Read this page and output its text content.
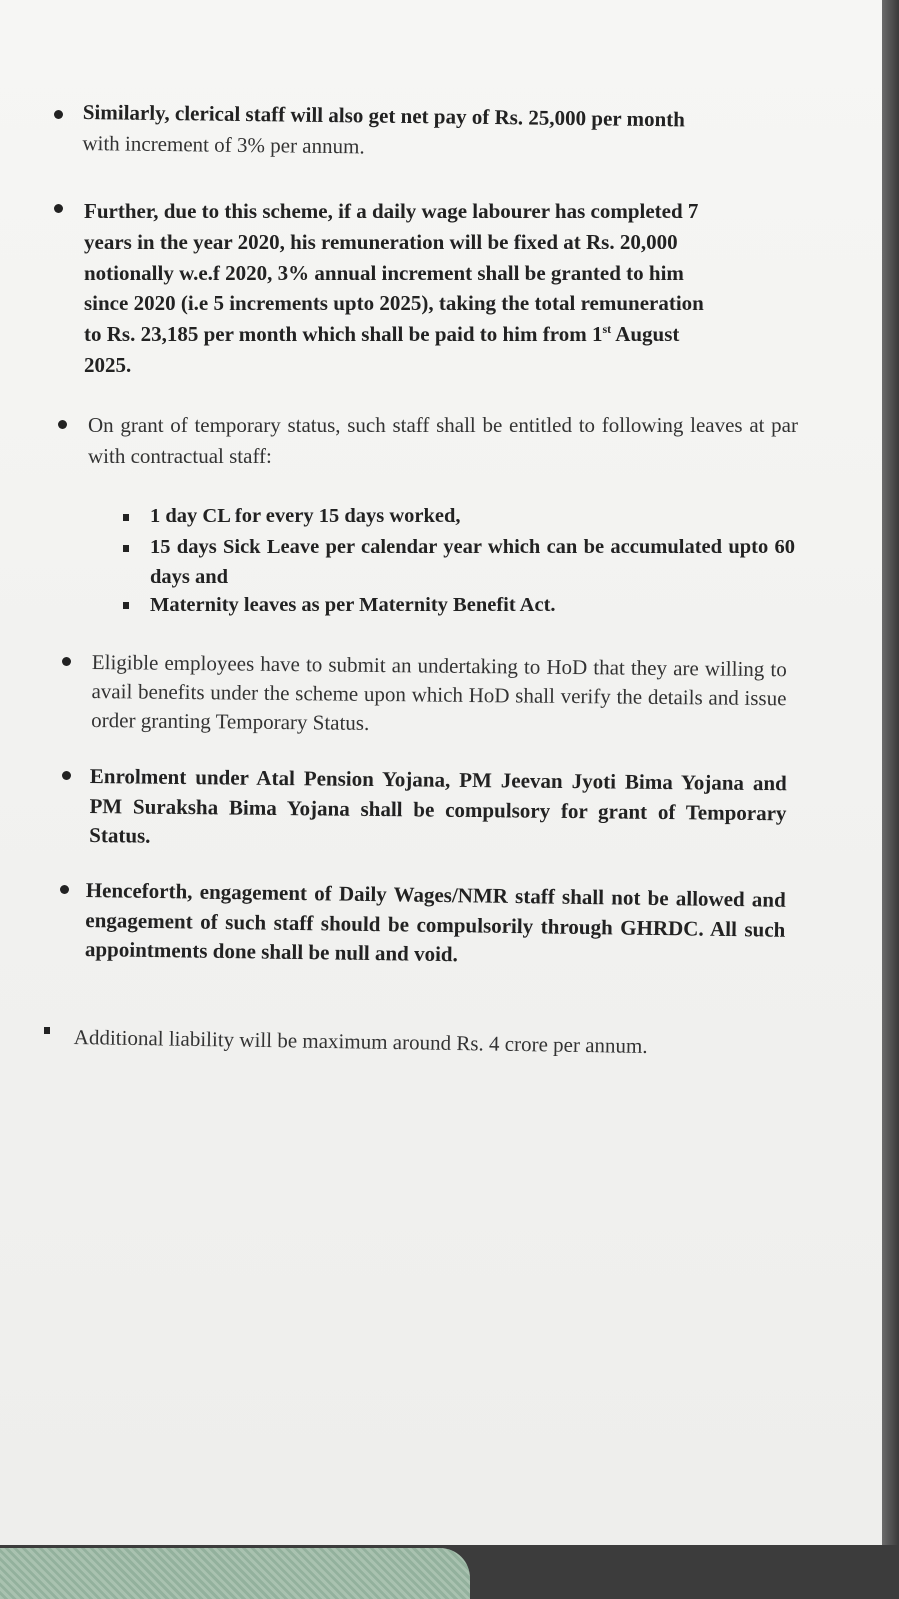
Similarly, clerical staff will also get net pay of Rs. 25,000 per month

with increment of 3% per annum.

Further, due to this scheme, if a daily wage labourer has completed 7

years in the year 2020, his remuneration will be fixed at Rs. 20,000

notionally w.e.f 2020, 3% annual increment shall be granted to him

since 2020 (i.e 5 increments upto 2025), taking the total remuneration

to Rs. 23,185 per month which shall be paid to him from 1st August

2025.

On grant of temporary status, such staff shall be entitled to following leaves at par with contractual staff:

1 day CL for every 15 days worked,
15 days Sick Leave per calendar year which can be accumulated upto 60 days and
Maternity leaves as per Maternity Benefit Act.

Eligible employees have to submit an undertaking to HoD that they are willing to avail benefits under the scheme upon which HoD shall verify the details and issue order granting Temporary Status.

Enrolment under Atal Pension Yojana, PM Jeevan Jyoti Bima Yojana and PM Suraksha Bima Yojana shall be compulsory for grant of Temporary Status.

Henceforth, engagement of Daily Wages/NMR staff shall not be allowed and engagement of such staff should be compulsorily through GHRDC. All such appointments done shall be null and void.

Additional liability will be maximum around Rs. 4 crore per annum.
